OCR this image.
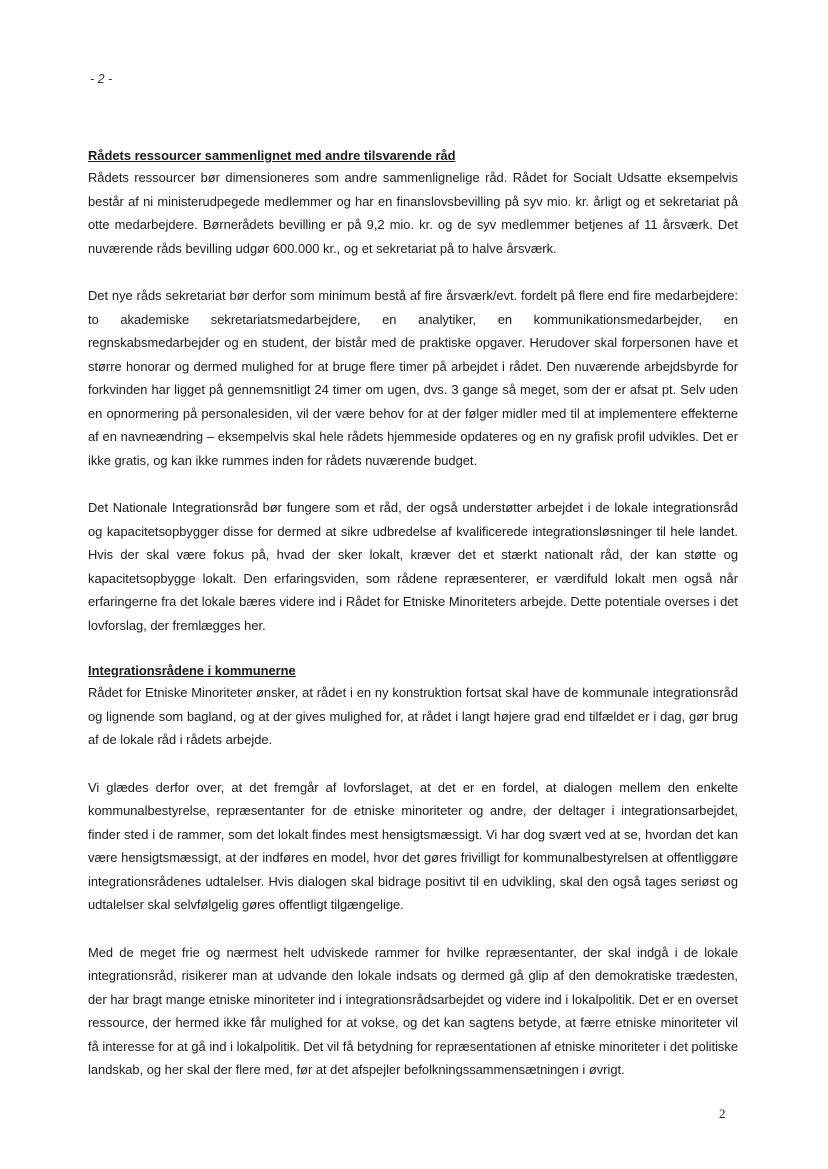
- 2 -
Rådets ressourcer sammenlignet med andre tilsvarende råd

Rådets ressourcer bør dimensioneres som andre sammenlignelige råd. Rådet for Socialt Udsatte eksempelvis består af ni ministerudpegede medlemmer og har en finanslovsbevilling på syv mio. kr. årligt og et sekretariat på otte medarbejdere. Børnerådets bevilling er på 9,2 mio. kr. og de syv medlemmer betjenes af 11 årsværk. Det nuværende råds bevilling udgør 600.000 kr., og et sekretariat på to halve årsværk.

Det nye råds sekretariat bør derfor som minimum bestå af fire årsværk/evt. fordelt på flere end fire medarbejdere: to akademiske sekretariatsmedarbejdere, en analytiker, en kommunikationsmedarbejder, en regnskabsmedarbejder og en student, der bistår med de praktiske opgaver. Herudover skal forpersonen have et større honorar og dermed mulighed for at bruge flere timer på arbejdet i rådet. Den nuværende arbejdsbyrde for forkvinden har ligget på gennemsnitligt 24 timer om ugen, dvs. 3 gange så meget, som der er afsat pt. Selv uden en opnormering på personalesiden, vil der være behov for at der følger midler med til at implementere effekterne af en navneændring – eksempelvis skal hele rådets hjemmeside opdateres og en ny grafisk profil udvikles. Det er ikke gratis, og kan ikke rummes inden for rådets nuværende budget.

Det Nationale Integrationsråd bør fungere som et råd, der også understøtter arbejdet i de lokale integrationsråd og kapacitetsopbygger disse for dermed at sikre udbredelse af kvalificerede integrationsløsninger til hele landet. Hvis der skal være fokus på, hvad der sker lokalt, kræver det et stærkt nationalt råd, der kan støtte og kapacitetsopbygge lokalt. Den erfaringsviden, som rådene repræsenterer, er værdifuld lokalt men også når erfaringerne fra det lokale bæres videre ind i Rådet for Etniske Minoriteters arbejde. Dette potentiale overses i det lovforslag, der fremlægges her.

Integrationsrådene i kommunerne

Rådet for Etniske Minoriteter ønsker, at rådet i en ny konstruktion fortsat skal have de kommunale integrationsråd og lignende som bagland, og at der gives mulighed for, at rådet i langt højere grad end tilfældet er i dag, gør brug af de lokale råd i rådets arbejde.

Vi glædes derfor over, at det fremgår af lovforslaget, at det er en fordel, at dialogen mellem den enkelte kommunalbestyrelse, repræsentanter for de etniske minoriteter og andre, der deltager i integrationsarbejdet, finder sted i de rammer, som det lokalt findes mest hensigtsmæssigt. Vi har dog svært ved at se, hvordan det kan være hensigtsmæssigt, at der indføres en model, hvor det gøres frivilligt for kommunalbestyrelsen at offentliggøre integrationsrådenes udtalelser. Hvis dialogen skal bidrage positivt til en udvikling, skal den også tages seriøst og udtalelser skal selvfølgelig gøres offentligt tilgængelige.

Med de meget frie og nærmest helt udviskede rammer for hvilke repræsentanter, der skal indgå i de lokale integrationsråd, risikerer man at udvande den lokale indsats og dermed gå glip af den demokratiske trædesten, der har bragt mange etniske minoriteter ind i integrationsrådsarbejdet og videre ind i lokalpolitik. Det er en overset ressource, der hermed ikke får mulighed for at vokse, og det kan sagtens betyde, at færre etniske minoriteter vil få interesse for at gå ind i lokalpolitik. Det vil få betydning for repræsentationen af etniske minoriteter i det politiske landskab, og her skal der flere med, før at det afspejler befolkningssammensætningen i øvrigt.

2
